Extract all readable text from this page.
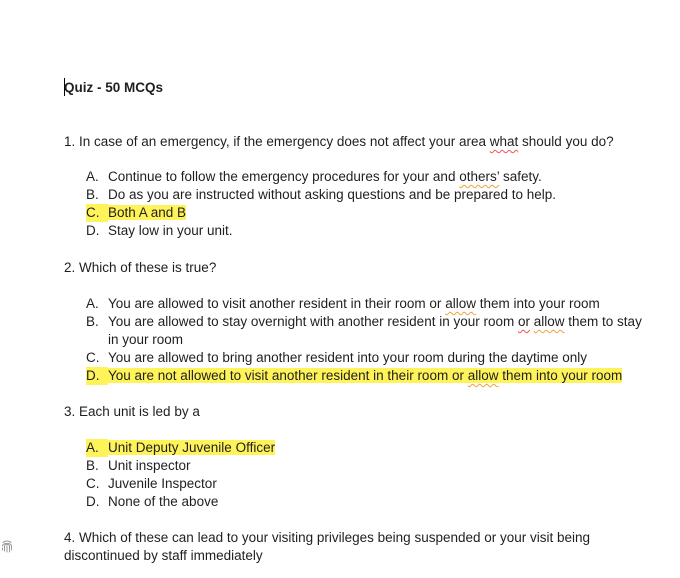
Quiz - 50 MCQs
1. In case of an emergency, if the emergency does not affect your area what should you do?
A. Continue to follow the emergency procedures for your and others’ safety.
B. Do as you are instructed without asking questions and be prepared to help.
C. Both A and B
D. Stay low in your unit.
2. Which of these is true?
A. You are allowed to visit another resident in their room or allow them into your room
B. You are allowed to stay overnight with another resident in your room or allow them to stay in your room
C. You are allowed to bring another resident into your room during the daytime only
D. You are not allowed to visit another resident in their room or allow them into your room
3. Each unit is led by a
A. Unit Deputy Juvenile Officer
B. Unit inspector
C. Juvenile Inspector
D. None of the above
4. Which of these can lead to your visiting privileges being suspended or your visit being discontinued by staff immediately
